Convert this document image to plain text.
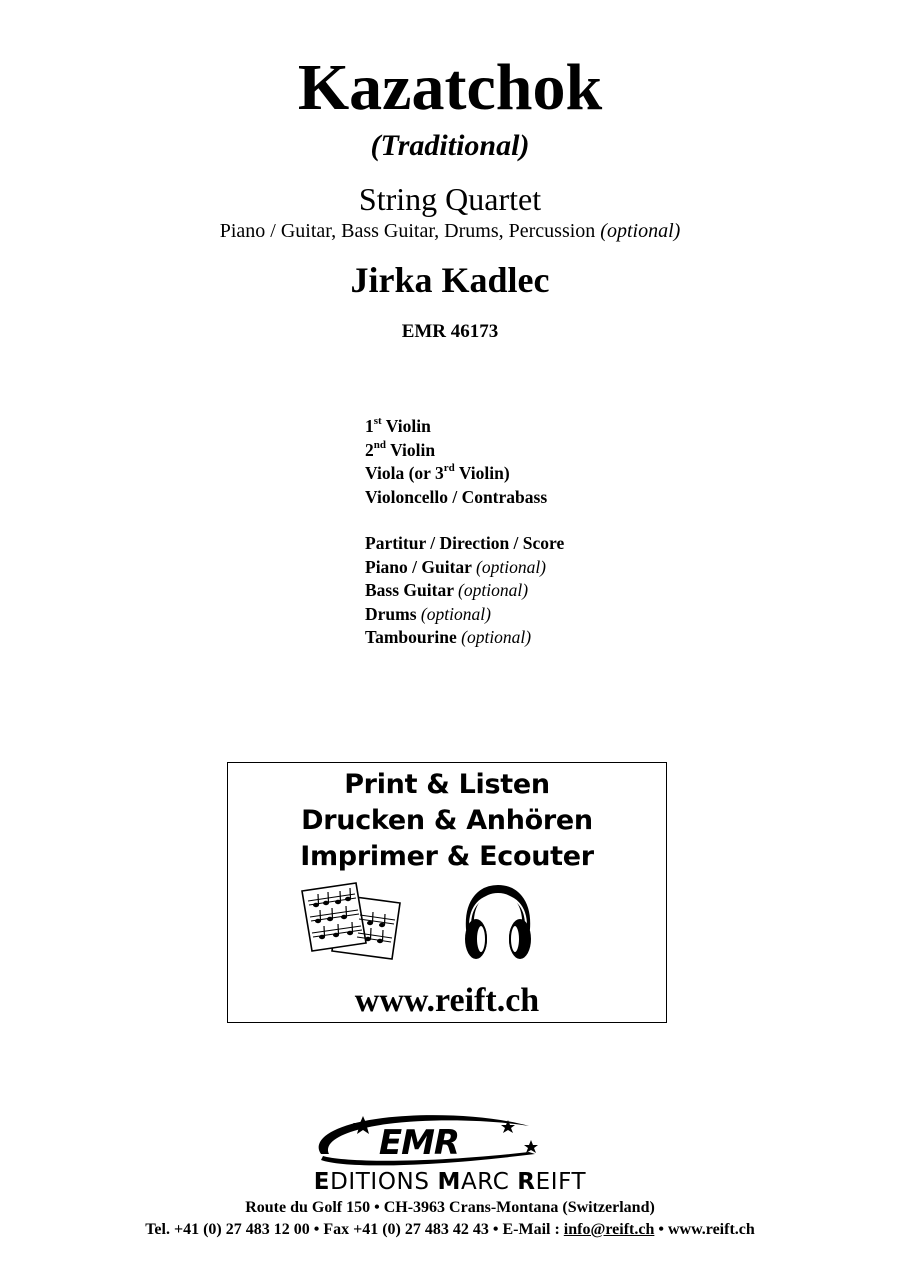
Kazatchok
(Traditional)
String Quartet
Piano / Guitar, Bass Guitar, Drums, Percussion (optional)
Jirka Kadlec
EMR 46173
1st Violin
2nd Violin
Viola (or 3rd Violin)
Violoncello / Contrabass
Partitur / Direction / Score
Piano / Guitar (optional)
Bass Guitar (optional)
Drums (optional)
Tambourine (optional)
Print & Listen
Drucken & Anhören
Imprimer & Ecouter
www.reift.ch
EMR
EDITIONS MARC REIFT
Route du Golf 150 • CH-3963 Crans-Montana (Switzerland)
Tel. +41 (0) 27 483 12 00 • Fax +41 (0) 27 483 42 43 • E-Mail : info@reift.ch • www.reift.ch
